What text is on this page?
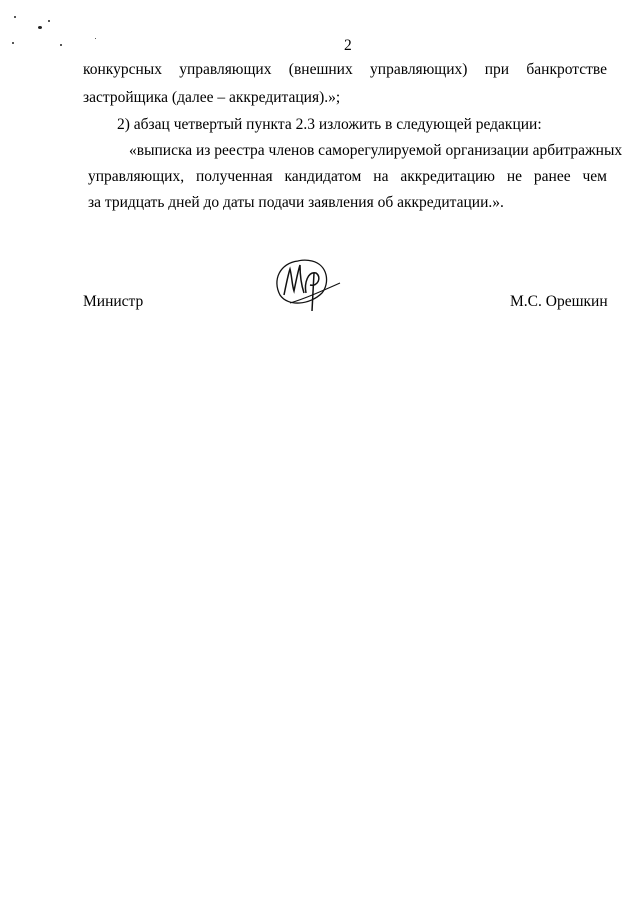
2
конкурсных управляющих (внешних управляющих) при банкротстве
застройщика (далее – аккредитация).»;
2) абзац четвертый пункта 2.3 изложить в следующей редакции:
«выписка из реестра членов саморегулируемой организации арбитражных
управляющих, полученная кандидатом на аккредитацию не ранее чем
за тридцать дней до даты подачи заявления об аккредитации.».
Министр	М.С. Орешкин
